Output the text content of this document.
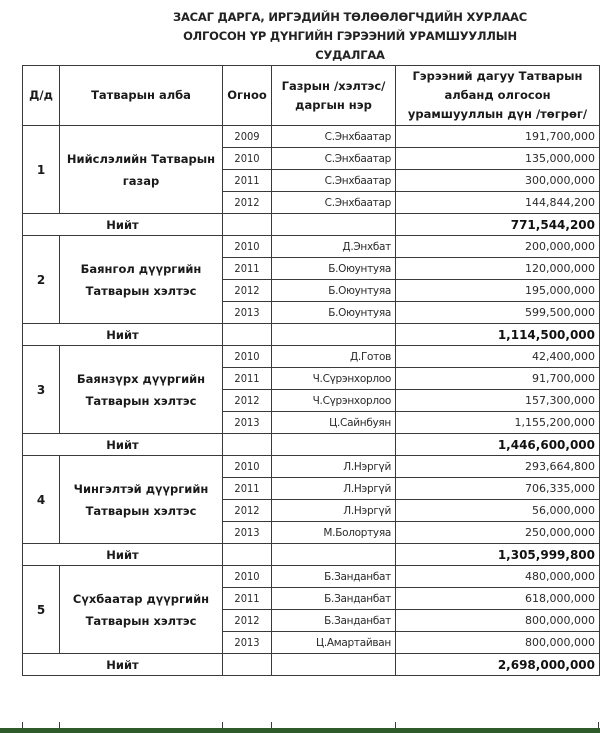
ЗАСАГ ДАРГА, ИРГЭДИЙН ТӨЛӨӨЛӨГЧДИЙН ХУРЛААС
ОЛГОСОН ҮР ДҮНГИЙН ГЭРЭЭНИЙ УРАМШУУЛЛЫН СУДАЛГАА
Д/д	Татварын алба	Огноо	Газрын /хэлтэс/ даргын нэр	Гэрээний дагуу Татварын албанд олгосон урамшууллын дүн /төгрөг/
1	Нийслэлийн Татварын газар	2009	С.Энхбаатар	191,700,000
		2010	С.Энхбаатар	135,000,000
		2011	С.Энхбаатар	300,000,000
		2012	С.Энхбаатар	144,844,200
Нийт				771,544,200
2	Баянгол дүүргийн Татварын хэлтэс	2010	Д.Энхбат	200,000,000
		2011	Б.Оюунтуяа	120,000,000
		2012	Б.Оюунтуяа	195,000,000
		2013	Б.Оюунтуяа	599,500,000
Нийт				1,114,500,000
3	Баянзүрх дүүргийн Татварын хэлтэс	2010	Д.Готов	42,400,000
		2011	Ч.Сүрэнхорлоо	91,700,000
		2012	Ч.Сүрэнхорлоо	157,300,000
		2013	Ц.Сайнбуян	1,155,200,000
Нийт				1,446,600,000
4	Чингэлтэй дүүргийн Татварын хэлтэс	2010	Л.Нэргүй	293,664,800
		2011	Л.Нэргүй	706,335,000
		2012	Л.Нэргүй	56,000,000
		2013	М.Болортуяа	250,000,000
Нийт				1,305,999,800
5	Сүхбаатар дүүргийн Татварын хэлтэс	2010	Б.Занданбат	480,000,000
		2011	Б.Занданбат	618,000,000
		2012	Б.Занданбат	800,000,000
		2013	Ц.Амартайван	800,000,000
Нийт				2,698,000,000
